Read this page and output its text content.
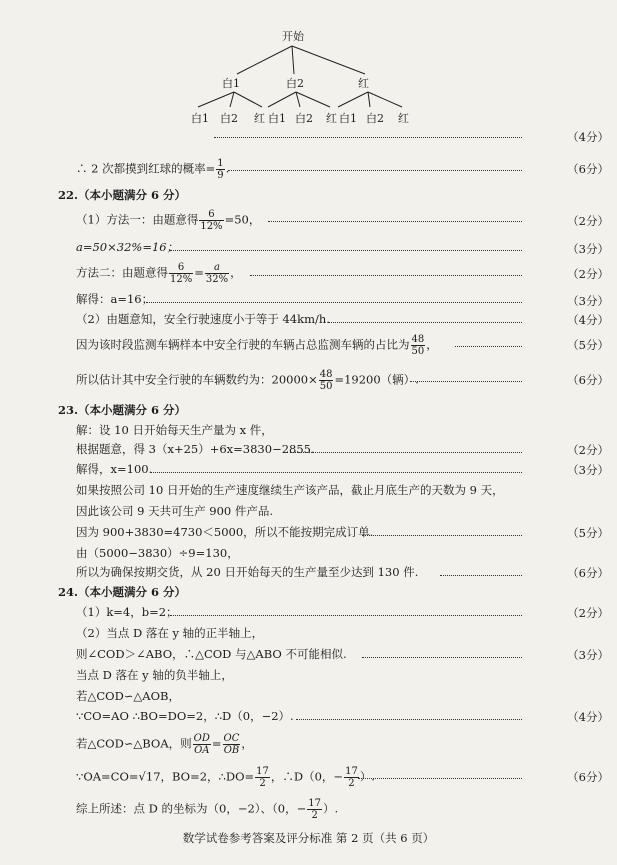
开始
白1	白2	红
白1 白2 红 白1 白2 红 白1 白2 红
（4分）
∴ 2 次都摸到红球的概率= $\frac{1}{9}$ .	（6分）
22.（本小题满分 6 分）
（1）方法一：由题意得 $\frac{6}{12\%} =50$，	（2分）
a=50×32%=16；	（3分）
方法二：由题意得 $\frac{6}{12\%} = \frac{a}{32\%}$ ，	（2分）
解得：a=16；	（3分）
（2）由题意知，安全行驶速度小于等于 44km/h.	（4分）
因为该时段监测车辆样本中安全行驶的车辆占总监测车辆的占比为 $\frac{48}{50}$ ，	（5分）
所以估计其中安全行驶的车辆数约为：$20000\times \frac{48}{50} =19200$（辆）.	（6分）
23.（本小题满分 6 分）
解：设 10 日开始每天生产量为 x 件，
根据题意，得 3（x+25）+6x=3830−2855.	（2分）
解得，x=100.	（3分）
如果按照公司 10 日开始的生产速度继续生产该产品，截止月底生产的天数为 9 天，
因此该公司 9 天共可生产 900 件产品.
因为 900+3830=4730＜5000，所以不能按期完成订单.	（5分）
由（5000−3830）÷9=130，
所以为确保按期交货，从 20 日开始每天的生产量至少达到 130 件.	（6分）
24.（本小题满分 6 分）
（1）k=4，b=2；	（2分）
（2）当点 D 落在 y 轴的正半轴上，
则∠COD＞∠ABO，∴△COD 与△ABO 不可能相似.	（3分）
当点 D 落在 y 轴的负半轴上，
若△COD∽△AOB，
∵CO=AO ∴BO=DO=2，∴D（0，−2）.	（4分）
若△COD∽△BOA，则 $\frac{OD}{OA} = \frac{OC}{OB}$ ，
∵OA=CO=√17，BO=2，∴DO= $\frac{17}{2}$ ，∴D（0，− $\frac{17}{2}$ ）.	（6分）
综上所述：点 D 的坐标为（0，−2）、（0，− $\frac{17}{2}$ ）.
数学试卷参考答案及评分标准 第 2 页（共 6 页）
